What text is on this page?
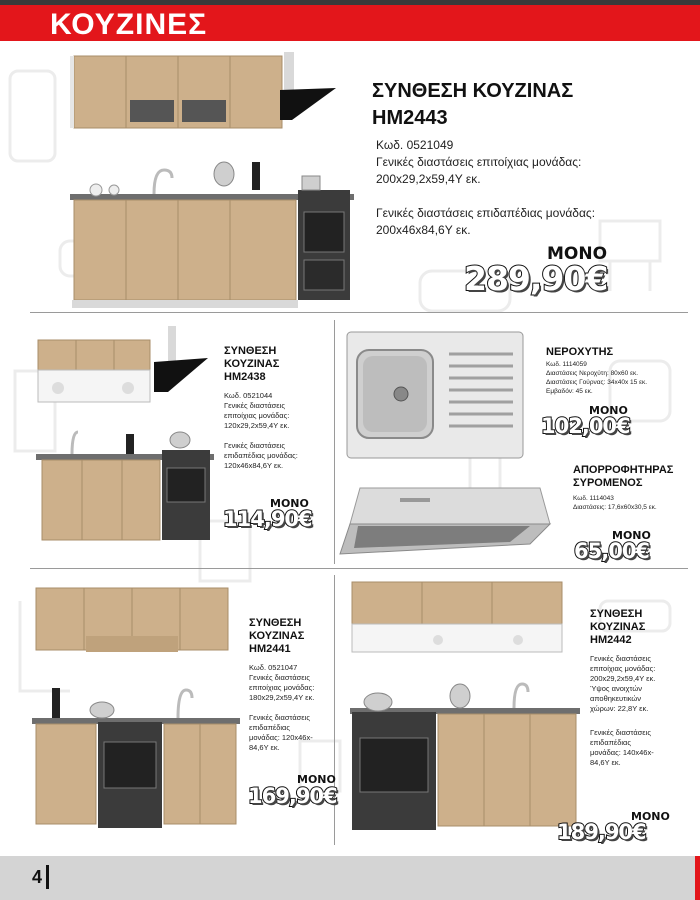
ΚΟΥΖΙΝΕΣ
ΣΥΝΘΕΣΗ ΚΟΥΖΙΝΑΣ
HM2443
Κωδ. 0521049
Γενικές διαστάσεις επιτοίχιας μονάδας:
200x29,2x59,4Υ εκ.
Γενικές διαστάσεις επιδαπέδιας μονάδας:
200x46x84,6Υ εκ.
ΜΟΝΟ
289,90€
ΣΥΝΘΕΣΗ
ΚΟΥΖΙΝΑΣ
HM2438
Κωδ. 0521044
Γενικές διαστάσεις
επιτοίχιας μονάδας:
120x29,2x59,4Υ εκ.
Γενικές διαστάσεις
επιδαπέδιας μονάδας:
120x46x84,6Υ εκ.
ΜΟΝΟ
114,90€
ΝΕΡΟΧΥΤΗΣ
Κωδ. 1114059
Διαστάσεις Νεροχύτη: 80x60 εκ.
Διαστάσεις Γούρνας: 34x40x 15 εκ.
Εμβαδόν: 45 εκ.
ΜΟΝΟ
102,00€
ΑΠΟΡΡΟΦΗΤΗΡΑΣ
ΣΥΡΟΜΕΝΟΣ
Κωδ. 1114043
Διαστάσεις: 17,6x60x30,5 εκ.
ΜΟΝΟ
65,00€
ΣΥΝΘΕΣΗ
ΚΟΥΖΙΝΑΣ
HM2441
Κωδ. 0521047
Γενικές διαστάσεις
επιτοίχιας μονάδας:
180x29,2x59,4Υ εκ.
Γενικές διαστάσεις
επιδαπέδιας
μονάδας: 120x46x-
84,6Υ εκ.
ΜΟΝΟ
169,90€
ΣΥΝΘΕΣΗ
ΚΟΥΖΙΝΑΣ
HM2442
Γενικές διαστάσεις
επιτοίχιας μονάδας:
200x29,2x59,4Υ εκ.
Ύψος ανοιχτών
αποθηκευτικών
χώρων: 22,8Υ εκ.
Γενικές διαστάσεις
επιδαπέδιας
μονάδας: 140x46x-
84,6Υ εκ.
ΜΟΝΟ
189,90€
4
